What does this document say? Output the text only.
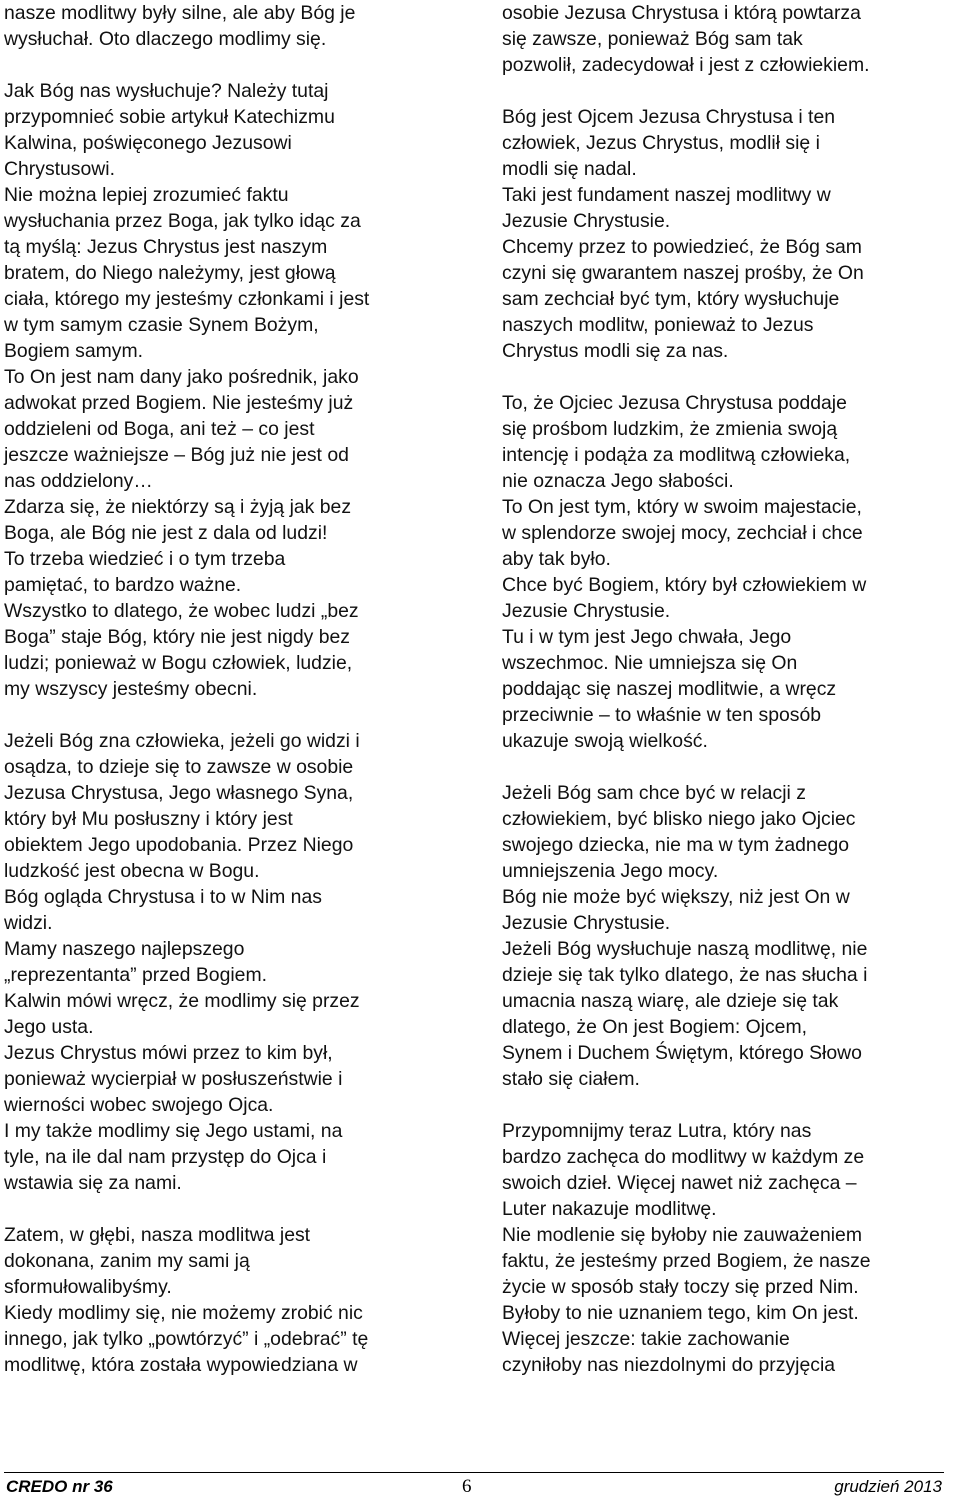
nasze modlitwy były silne, ale aby Bóg je
wysłuchał. Oto dlaczego modlimy się.

Jak Bóg nas wysłuchuje? Należy tutaj
przypomnieć sobie artykuł Katechizmu
Kalwina, poświęconego Jezusowi
Chrystusowi.

Nie można lepiej zrozumieć faktu
wysłuchania przez Boga, jak tylko idąc za
tą myślą: Jezus Chrystus jest naszym
bratem, do Niego należymy, jest głową
ciała, którego my jesteśmy członkami i jest
w tym samym czasie Synem Bożym,
Bogiem samym.

To On jest nam dany jako pośrednik, jako
adwokat przed Bogiem. Nie jesteśmy już
oddzieleni od Boga, ani też – co jest
jeszcze ważniejsze – Bóg już nie jest od
nas oddzielony…

Zdarza się, że niektórzy są i żyją jak bez
Boga, ale Bóg nie jest z dala od ludzi!

To trzeba wiedzieć i o tym trzeba
pamiętać, to bardzo ważne.

Wszystko to dlatego, że wobec ludzi „bez
Boga” staje Bóg, który nie jest nigdy bez
ludzi; ponieważ w Bogu człowiek, ludzie,
my wszyscy jesteśmy obecni.

Jeżeli Bóg zna człowieka, jeżeli go widzi i
osądza, to dzieje się to zawsze w osobie
Jezusa Chrystusa, Jego własnego Syna,
który był Mu posłuszny i który jest
obiektem Jego upodobania. Przez Niego
ludzkość jest obecna w Bogu.

Bóg ogląda Chrystusa i to w Nim nas
widzi.

Mamy naszego najlepszego
„reprezentanta” przed Bogiem.

Kalwin mówi wręcz, że modlimy się przez
Jego usta.

Jezus Chrystus mówi przez to kim był,
ponieważ wycierpiał w posłuszeństwie i
wierności wobec swojego Ojca.

I my także modlimy się Jego ustami, na
tyle, na ile dal nam przystęp do Ojca i
wstawia się za nami.

Zatem, w głębi, nasza modlitwa jest
dokonana, zanim my sami ją
sformułowalibyśmy.

Kiedy modlimy się, nie możemy zrobić nic
innego, jak tylko „powtórzyć” i „odebrać” tę
modlitwę, która została wypowiedziana w

osobie Jezusa Chrystusa i którą powtarza
się zawsze, ponieważ Bóg sam tak
pozwolił, zadecydował i jest z człowiekiem.

Bóg jest Ojcem Jezusa Chrystusa i ten
człowiek, Jezus Chrystus, modlił się i
modli się nadal.

Taki jest fundament naszej modlitwy w
Jezusie Chrystusie.

Chcemy przez to powiedzieć, że Bóg sam
czyni się gwarantem naszej prośby, że On
sam zechciał być tym, który wysłuchuje
naszych modlitw, ponieważ to Jezus
Chrystus modli się za nas.

To, że Ojciec Jezusa Chrystusa poddaje
się prośbom ludzkim, że zmienia swoją
intencję i podąża za modlitwą człowieka,
nie oznacza Jego słabości.

To On jest tym, który w swoim majestacie,
w splendorze swojej mocy, zechciał i chce
aby tak było.

Chce być Bogiem, który był człowiekiem w
Jezusie Chrystusie.

Tu i w tym jest Jego chwała, Jego
wszechmoc. Nie umniejsza się On
poddając się naszej modlitwie, a wręcz
przeciwnie – to właśnie w ten sposób
ukazuje swoją wielkość.

Jeżeli Bóg sam chce być w relacji z
człowiekiem, być blisko niego jako Ojciec
swojego dziecka, nie ma w tym żadnego
umniejszenia Jego mocy.

Bóg nie może być większy, niż jest On w
Jezusie Chrystusie.

Jeżeli Bóg wysłuchuje naszą modlitwę, nie
dzieje się tak tylko dlatego, że nas słucha i
umacnia naszą wiarę, ale dzieje się tak
dlatego, że On jest Bogiem: Ojcem,
Synem i Duchem Świętym, którego Słowo
stało się ciałem.

Przypomnijmy teraz Lutra, który nas
bardzo zachęca do modlitwy w każdym ze
swoich dzieł. Więcej nawet niż zachęca –
Luter nakazuje modlitwę.

Nie modlenie się byłoby nie zauważeniem
faktu, że jesteśmy przed Bogiem, że nasze
życie w sposób stały toczy się przed Nim.

Byłoby to nie uznaniem tego, kim On jest.

Więcej jeszcze: takie zachowanie
czyniłoby nas niezdolnymi do przyjęcia

CREDO nr 36	6	grudzień 2013
